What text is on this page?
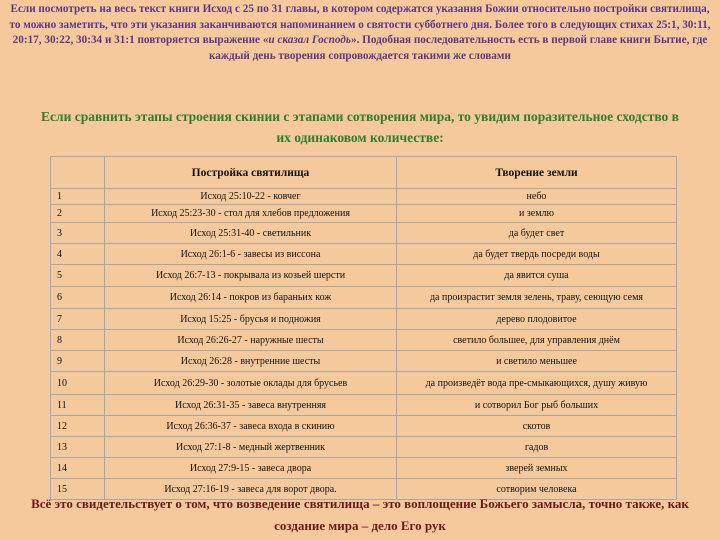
Если посмотреть на весь текст книги Исход с 25 по 31 главы, в котором содержатся указания Божии относительно постройки святилища, то можно заметить, что эти указания заканчиваются напоминанием о святости субботнего дня. Более того в следующих стихах 25:1, 30:11, 20:17, 30:22, 30:34 и 31:1 повторяется выражение «и сказал Господь». Подобная последовательность есть в первой главе книги Бытие, где каждый день творения сопровождается такими же словами
Если сравнить этапы строения скинии с этапами сотворения мира, то увидим поразительное сходство в их одинаковом количестве:
	Постройка святилища	Творение земли
1	Исход 25:10-22 - ковчег	небо
2	Исход 25:23-30 - стол для хлебов предложения	и землю
3	Исход 25:31-40 - светильник	да будет свет
4	Исход 26:1-6 - завесы из виссона	да будет твердь посреди воды
5	Исход 26:7-13 - покрывала из козьей шерсти	да явится суша
6	Исход 26:14 - покров из бараньих кож	да произрастит земля зелень, траву, сеющую семя
7	Исход 15:25 - брусья и подножия	дерево плодовитое
8	Исход 26:26-27 - наружные шесты	светило большее, для управления днём
9	Исход 26:28 - внутренние шесты	и светило меньшее
10	Исход 26:29-30 - золотые оклады для брусьев	да произведёт вода пре-смыкающихся, душу живую
11	Исход 26:31-35 - завеса внутренняя	и сотворил Бог рыб больших
12	Исход 26:36-37 - завеса входа в скинию	скотов
13	Исход 27:1-8 - медный жертвенник	гадов
14	Исход 27:9-15 - завеса двора	зверей земных
15	Исход 27:16-19 - завеса для ворот двора.	сотворим человека
Всё это свидетельствует о том, что возведение святилища – это воплощение Божьего замысла, точно также, как создание мира – дело Его рук
